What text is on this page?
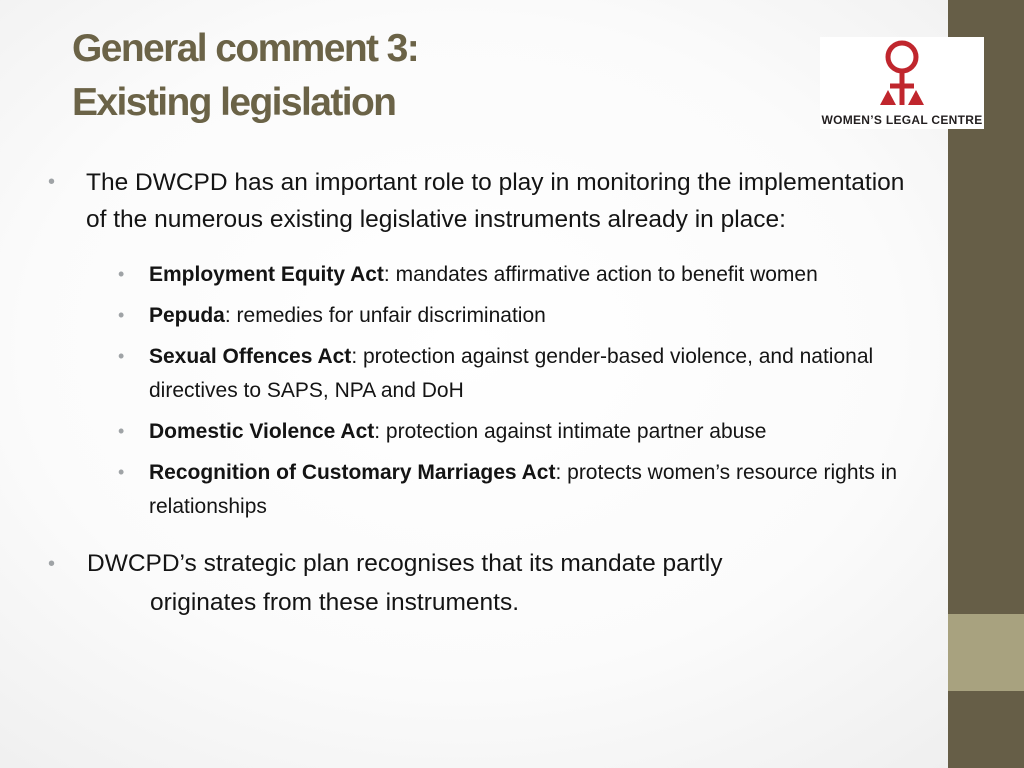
WOMEN’S LEGAL CENTRE
General comment 3:
Existing legislation
• The DWCPD has an important role to play in monitoring the implementation of the numerous existing legislative instruments already in place:
• Employment Equity Act: mandates affirmative action to benefit women
• Pepuda: remedies for unfair discrimination
• Sexual Offences Act: protection against gender-based violence, and national directives to SAPS, NPA and DoH
• Domestic Violence Act: protection against intimate partner abuse
• Recognition of Customary Marriages Act: protects women’s resource rights in relationships
• DWCPD’s strategic plan recognises that its mandate partly
originates from these instruments.
